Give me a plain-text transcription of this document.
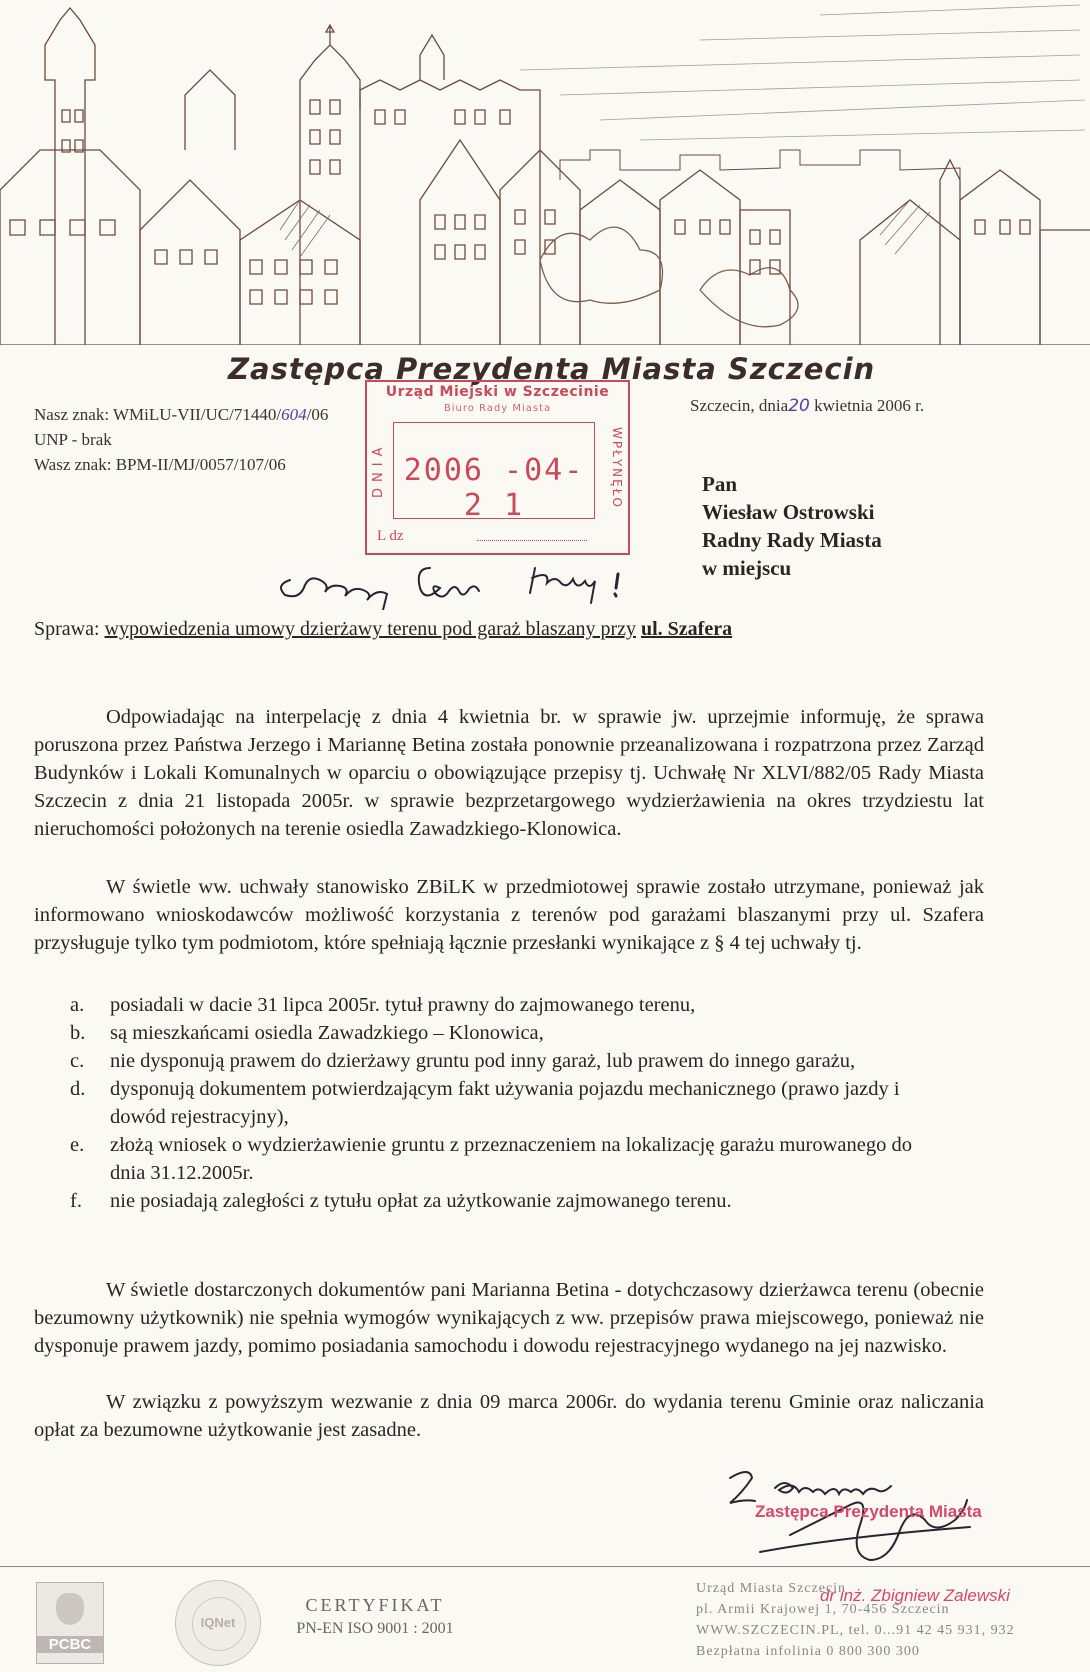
Zastępca Prezydenta Miasta Szczecin
Nasz znak: WMiLU-VII/UC/71440/604/06
UNP - brak
Wasz znak: BPM-II/MJ/0057/107/06
Szczecin, dnia20 kwietnia 2006 r.
Urząd Miejski w Szczecinie
Biuro Rady Miasta
DNIA 2006 -04- 2 1	WPŁYNĘŁO
L dz
Pan
Wiesław Ostrowski
Radny Rady Miasta
w miejscu
Sprawa: wypowiedzenia umowy dzierżawy terenu pod garaż blaszany przy ul. Szafera
Odpowiadając na interpelację z dnia 4 kwietnia br. w sprawie jw. uprzejmie informuję, że sprawa poruszona przez Państwa Jerzego i Mariannę Betina została ponownie przeanalizowana i rozpatrzona przez Zarząd Budynków i Lokali Komunalnych w oparciu o obowiązujące przepisy tj. Uchwałę Nr XLVI/882/05 Rady Miasta Szczecin z dnia 21 listopada 2005r. w sprawie bezprzetargowego wydzierżawienia na okres trzydziestu lat nieruchomości położonych na terenie osiedla Zawadzkiego-Klonowica.
W świetle ww. uchwały stanowisko ZBiLK w przedmiotowej sprawie zostało utrzymane, ponieważ jak informowano wnioskodawców możliwość korzystania z terenów pod garażami blaszanymi przy ul. Szafera przysługuje tylko tym podmiotom, które spełniają łącznie przesłanki wynikające z § 4 tej uchwały tj.
a.	posiadali w dacie 31 lipca 2005r. tytuł prawny do zajmowanego terenu,
b.	są mieszkańcami osiedla Zawadzkiego – Klonowica,
c.	nie dysponują prawem do dzierżawy gruntu pod inny garaż, lub prawem do innego garażu,
d.	dysponują dokumentem potwierdzającym fakt używania pojazdu mechanicznego (prawo jazdy i dowód rejestracyjny),
e.	złożą wniosek o wydzierżawienie gruntu z przeznaczeniem na lokalizację garażu murowanego do dnia 31.12.2005r.
f.	nie posiadają zaległości z tytułu opłat za użytkowanie zajmowanego terenu.
W świetle dostarczonych dokumentów pani Marianna Betina - dotychczasowy dzierżawca terenu (obecnie bezumowny użytkownik) nie spełnia wymogów wynikających z ww. przepisów prawa miejscowego, ponieważ nie dysponuje prawem jazdy, pomimo posiadania samochodu i dowodu rejestracyjnego wydanego na jej nazwisko.
W związku z powyższym wezwanie z dnia 09 marca 2006r. do wydania terenu Gminie oraz naliczania opłat za bezumowne użytkowanie jest zasadne.
Zastępca Prezydenta Miasta
dr inż. Zbigniew Zalewski
PCBC
IQNet
CERTYFIKAT
PN-EN ISO 9001 : 2001
Urząd Miasta Szczecin
pl. Armii Krajowej 1, 70-456 Szczecin
WWW.SZCZECIN.PL, tel. 0...91 42 45 931, 932
Bezpłatna infolinia 0 800 300 300
